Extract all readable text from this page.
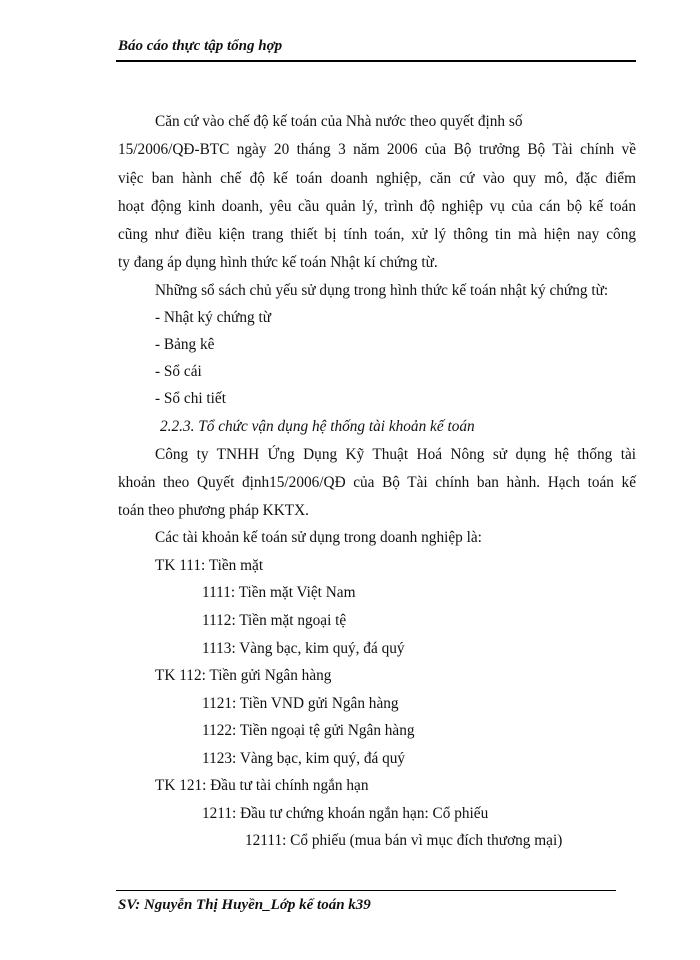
Báo cáo thực tập tổng hợp
Căn cứ vào chế độ kế toán của Nhà nước theo quyết định số
15/2006/QĐ-BTC ngày 20 tháng 3 năm 2006 của Bộ trưởng Bộ Tài chính về
việc ban hành chế độ kế toán doanh nghiệp, căn cứ vào quy mô, đặc điểm
hoạt động kinh doanh, yêu cầu quản lý, trình độ nghiệp vụ của cán bộ kế toán
cũng như điều kiện trang thiết bị tính toán, xử lý thông tin mà hiện nay công
ty đang áp dụng hình thức kế toán Nhật kí chứng từ.
Những sổ sách chủ yếu sử dụng trong hình thức kế toán nhật ký chứng từ:
- Nhật ký chứng từ
- Bảng kê
- Sổ cái
- Sổ chi tiết
2.2.3. Tổ chức vận dụng hệ thống tài khoản kế toán
Công ty TNHH Ứng Dụng Kỹ Thuật Hoá Nông sử dụng hệ thống tài
khoản theo Quyết định15/2006/QĐ của Bộ Tài chính ban hành. Hạch toán kế
toán theo phương pháp KKTX.
Các tài khoản kế toán sử dụng trong doanh nghiệp là:
TK 111: Tiền mặt
1111: Tiền mặt Việt Nam
1112: Tiền mặt ngoại tệ
1113: Vàng bạc, kim quý, đá quý
TK 112: Tiền gửi Ngân hàng
1121: Tiền VND gửi Ngân hàng
1122: Tiền ngoại tệ gửi Ngân hàng
1123: Vàng bạc, kim quý, đá quý
TK 121: Đầu tư tài chính ngắn hạn
1211: Đầu tư chứng khoán ngắn hạn: Cổ phiếu
12111: Cổ phiếu (mua bán vì mục đích thương mại)
SV: Nguyễn Thị Huyền_Lớp kế toán k39
